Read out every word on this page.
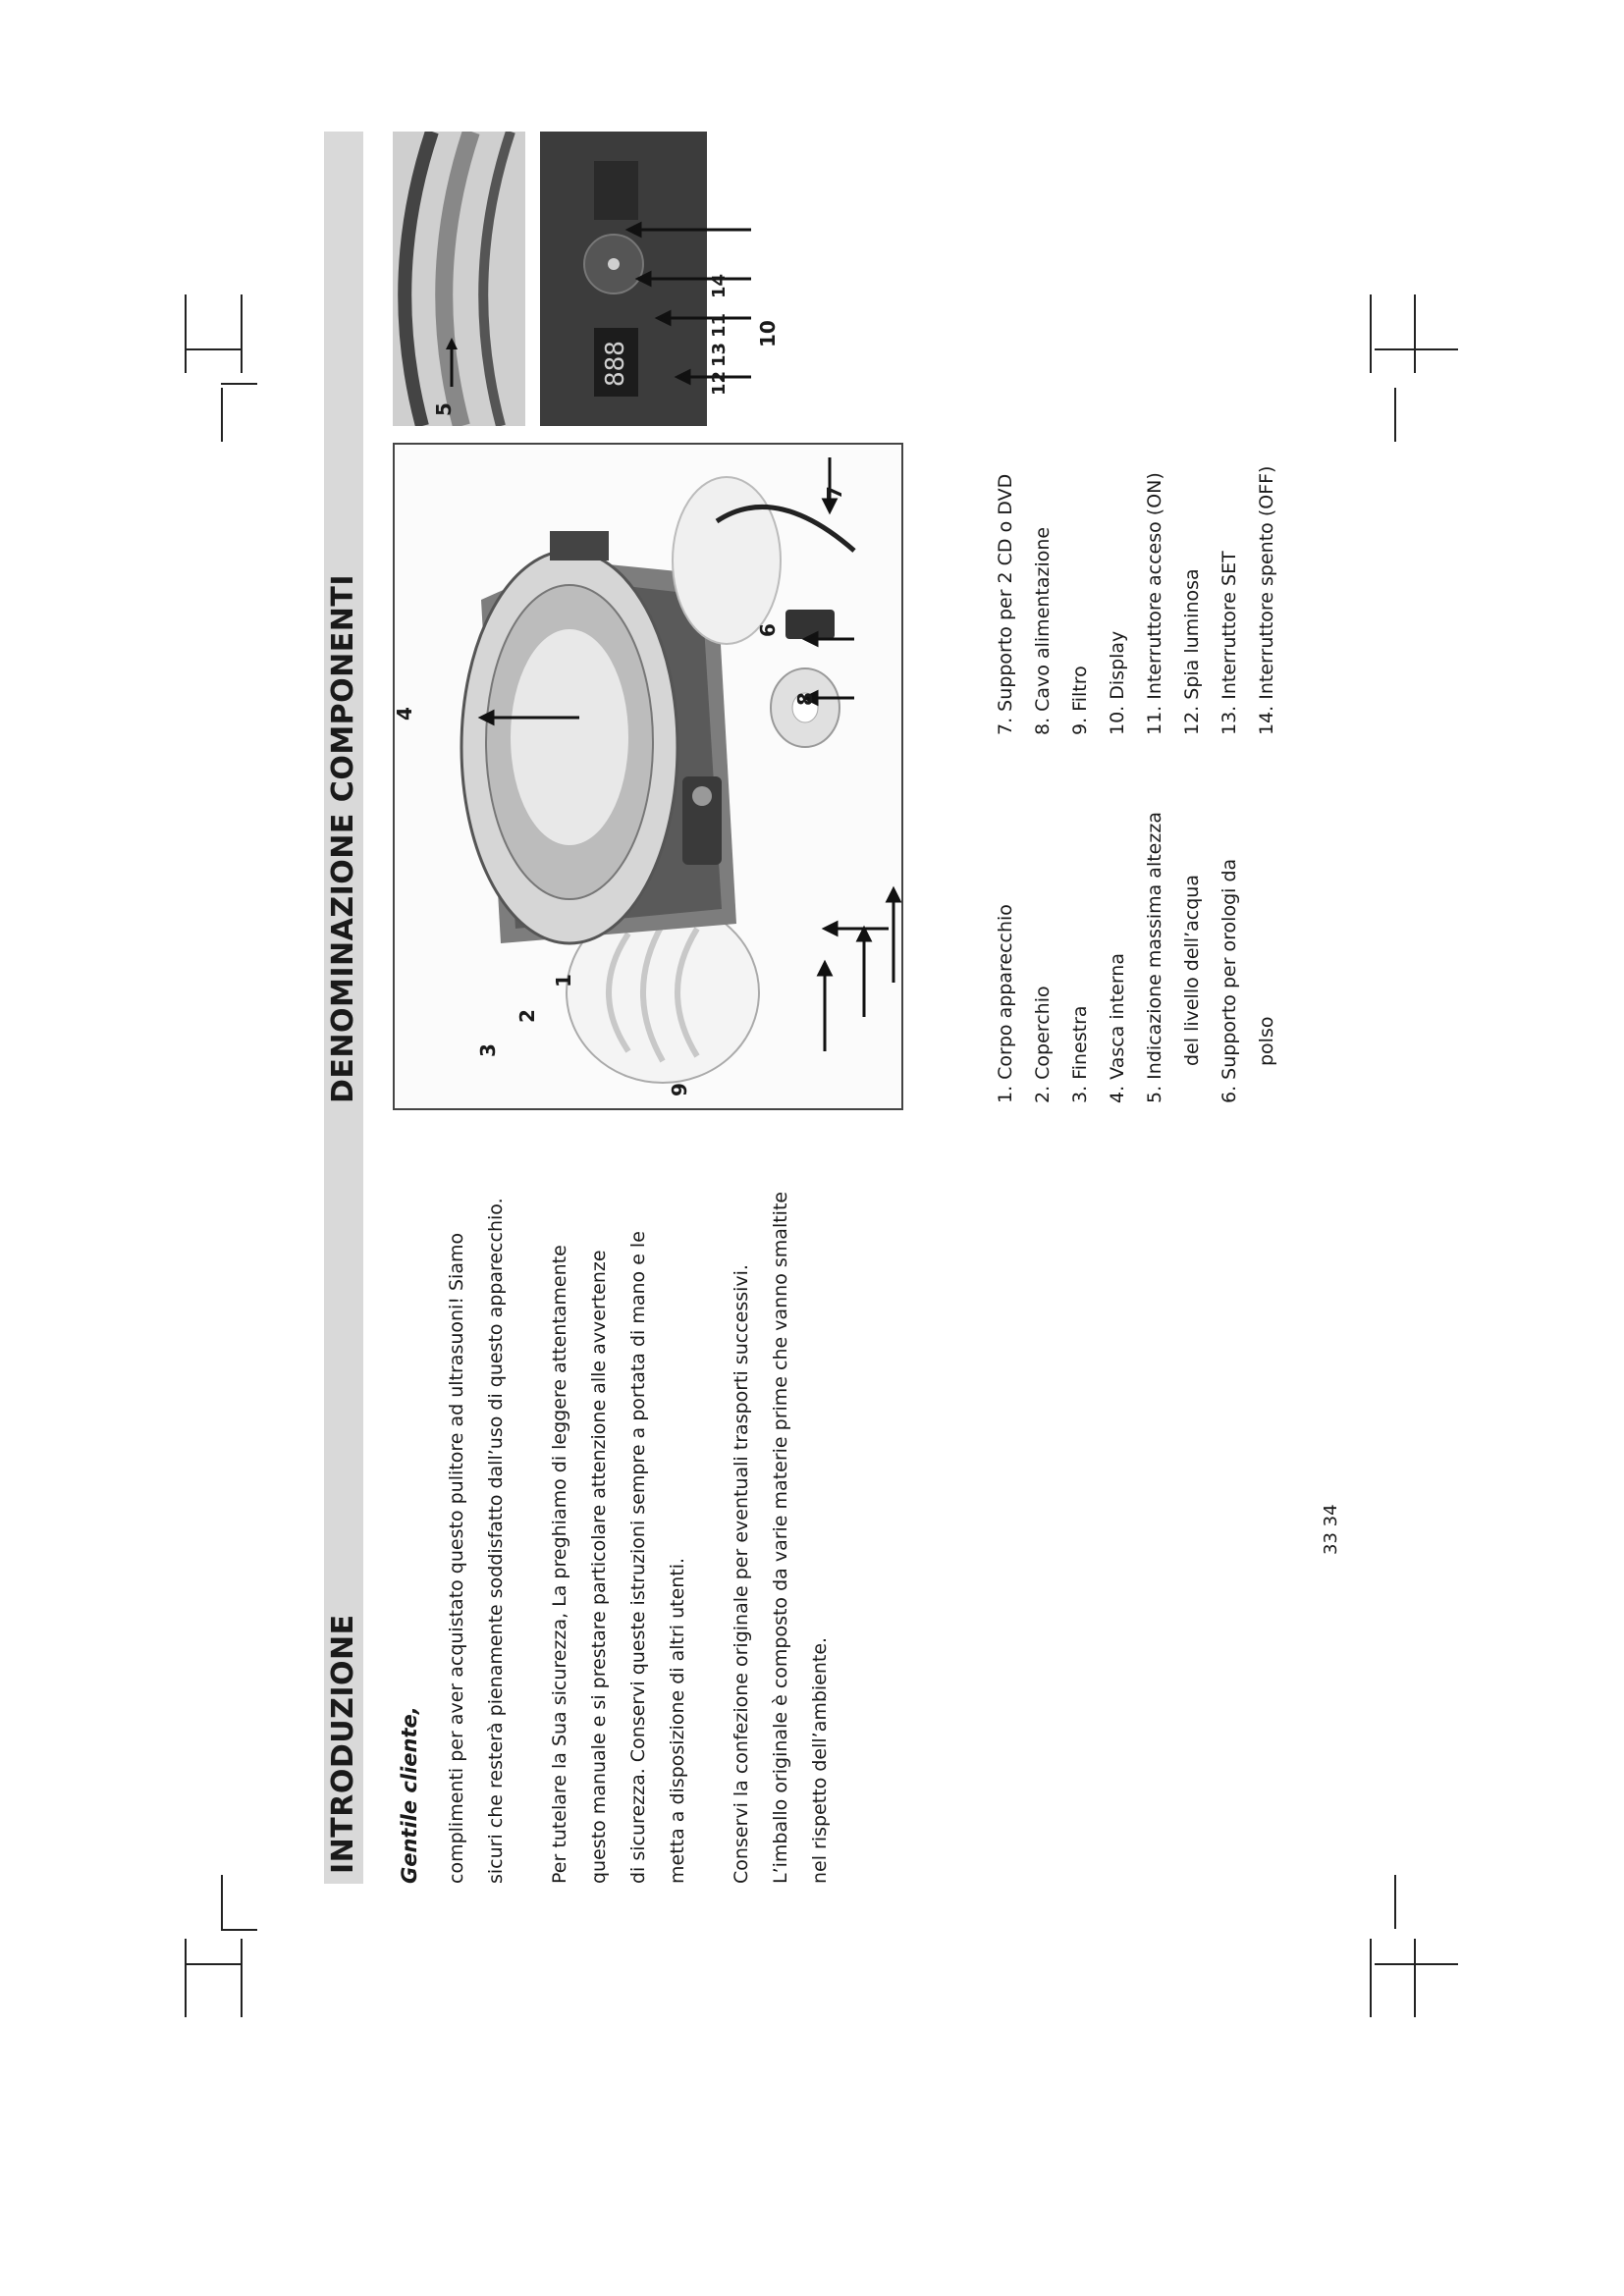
INTRODUZIONE Gentile cliente,	complimenti per aver acquistato questo pulitore ad ultrasuoni! Siamo sicuri che resterà pienamente soddisfatto dall’uso di questo apparecchio.	Per tutelare la Sua sicurezza, La preghiamo di leggere attentamente questo manuale e si prestare particolare attenzione alle avvertenze di sicurezza. Conservi queste istruzioni sempre a portata di mano e le metta a disposizione di altri utenti.	Conservi la confezione originale per eventuali trasporti successivi. L’imballo originale è composto da varie materie prime che vanno smaltite nel rispetto dell’ambiente.
DENOMINAZIONE COMPONENTI	3
2
1
9
4
8
6
7
5
888
10
12
13
11
14
1. Corpo apparecchio 2. Coperchio 3. Finestra 4. Vasca interna 5. Indicazione massima altezza del livello dell’acqua 6. Supporto per orologi da polso
7. Supporto per 2 CD o DVD 8. Cavo alimentazione 9. Filtro 10. Display 11. Interruttore acceso (ON) 12. Spia luminosa 13. Interruttore SET 14. Interruttore spento (OFF)
33 34
